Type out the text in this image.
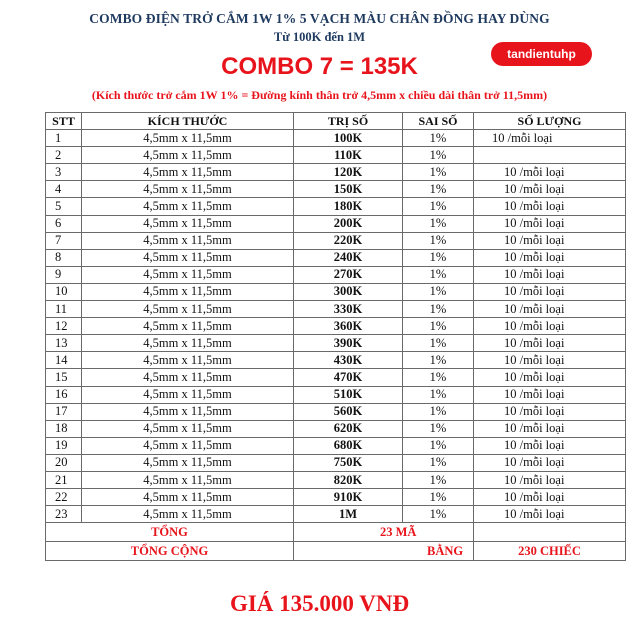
COMBO ĐIỆN TRỞ CẮM 1W 1% 5 VẠCH MÀU CHÂN ĐỒNG HAY DÙNG
Từ 100K đến 1M
tandientuhp
COMBO 7 = 135K
(Kích thước trở cắm 1W 1% = Đường kính thân trở 4,5mm x chiều dài thân trở 11,5mm)
STT	KÍCH THƯỚC	TRỊ SỐ	SAI SỐ	SỐ LƯỢNG
1	4,5mm x 11,5mm	100K	1%	10 /mỗi loại
2	4,5mm x 11,5mm	110K	1%	
3	4,5mm x 11,5mm	120K	1%	10 /mỗi loại
4	4,5mm x 11,5mm	150K	1%	10 /mỗi loại
5	4,5mm x 11,5mm	180K	1%	10 /mỗi loại
6	4,5mm x 11,5mm	200K	1%	10 /mỗi loại
7	4,5mm x 11,5mm	220K	1%	10 /mỗi loại
8	4,5mm x 11,5mm	240K	1%	10 /mỗi loại
9	4,5mm x 11,5mm	270K	1%	10 /mỗi loại
10	4,5mm x 11,5mm	300K	1%	10 /mỗi loại
11	4,5mm x 11,5mm	330K	1%	10 /mỗi loại
12	4,5mm x 11,5mm	360K	1%	10 /mỗi loại
13	4,5mm x 11,5mm	390K	1%	10 /mỗi loại
14	4,5mm x 11,5mm	430K	1%	10 /mỗi loại
15	4,5mm x 11,5mm	470K	1%	10 /mỗi loại
16	4,5mm x 11,5mm	510K	1%	10 /mỗi loại
17	4,5mm x 11,5mm	560K	1%	10 /mỗi loại
18	4,5mm x 11,5mm	620K	1%	10 /mỗi loại
19	4,5mm x 11,5mm	680K	1%	10 /mỗi loại
20	4,5mm x 11,5mm	750K	1%	10 /mỗi loại
21	4,5mm x 11,5mm	820K	1%	10 /mỗi loại
22	4,5mm x 11,5mm	910K	1%	10 /mỗi loại
23	4,5mm x 11,5mm	1M	1%	10 /mỗi loại
TỔNG		23 MÃ		
TỔNG CỘNG		BẰNG		230 CHIẾC
GIÁ 135.000 VNĐ
